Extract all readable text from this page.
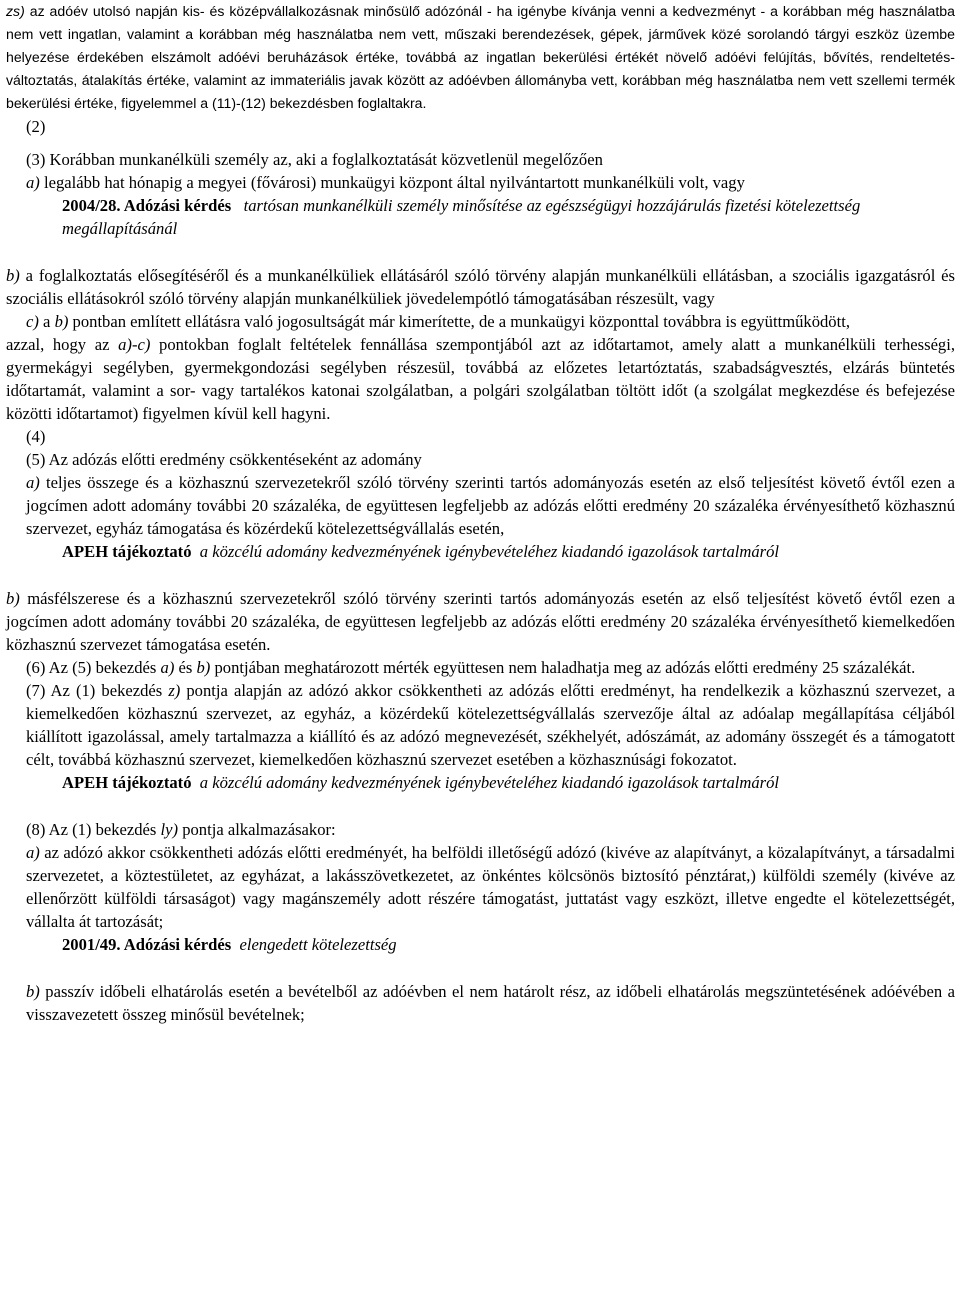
zs) az adóév utolsó napján kis- és középvállalkozásnak minősülő adózónál - ha igénybe kívánja venni a kedvezményt - a korábban még használatba nem vett ingatlan, valamint a korábban még használatba nem vett, műszaki berendezések, gépek, járművek közé sorolandó tárgyi eszköz üzembe helyezése érdekében elszámolt adóévi beruházások értéke, továbbá az ingatlan bekerülési értékét növelő adóévi felújítás, bővítés, rendeltetés-változtatás, átalakítás értéke, valamint az immateriális javak között az adóévben állományba vett, korábban még használatba nem vett szellemi termék bekerülési értéke, figyelemmel a (11)-(12) bekezdésben foglaltakra.

(2)

(3) Korábban munkanélküli személy az, aki a foglalkoztatását közvetlenül megelőzően

a) legalább hat hónapig a megyei (fővárosi) munkaügyi központ által nyilvántartott munkanélküli volt, vagy

2004/28. Adózási kérdés tartósan munkanélküli személy minősítése az egészségügyi hozzájárulás fizetési kötelezettség megállapításánál

b) a foglalkoztatás elősegítéséről és a munkanélküliek ellátásáról szóló törvény alapján munkanélküli ellátásban, a szociális igazgatásról és szociális ellátásokról szóló törvény alapján munkanélküliek jövedelempótló támogatásában részesült, vagy

c) a b) pontban említett ellátásra való jogosultságát már kimerítette, de a munkaügyi központtal továbbra is együttműködött,

azzal, hogy az a)-c) pontokban foglalt feltételek fennállása szempontjából azt az időtartamot, amely alatt a munkanélküli terhességi, gyermekágyi segélyben, gyermekgondozási segélyben részesül, továbbá az előzetes letartóztatás, szabadságvesztés, elzárás büntetés időtartamát, valamint a sor- vagy tartalékos katonai szolgálatban, a polgári szolgálatban töltött időt (a szolgálat megkezdése és befejezése közötti időtartamot) figyelmen kívül kell hagyni.

(4)

(5) Az adózás előtti eredmény csökkentéseként az adomány

a) teljes összege és a közhasznú szervezetekről szóló törvény szerinti tartós adományozás esetén az első teljesítést követő évtől ezen a jogcímen adott adomány további 20 százaléka, de együttesen legfeljebb az adózás előtti eredmény 20 százaléka érvényesíthető közhasznú szervezet, egyház támogatása és közérdekű kötelezettségvállalás esetén,

APEH tájékoztató a közcélú adomány kedvezményének igénybevételéhez kiadandó igazolások tartalmáról

b) másfélszerese és a közhasznú szervezetekről szóló törvény szerinti tartós adományozás esetén az első teljesítést követő évtől ezen a jogcímen adott adomány további 20 százaléka, de együttesen legfeljebb az adózás előtti eredmény 20 százaléka érvényesíthető kiemelkedően közhasznú szervezet támogatása esetén.

(6) Az (5) bekezdés a) és b) pontjában meghatározott mérték együttesen nem haladhatja meg az adózás előtti eredmény 25 százalékát.

(7) Az (1) bekezdés z) pontja alapján az adózó akkor csökkentheti az adózás előtti eredményt, ha rendelkezik a közhasznú szervezet, a kiemelkedően közhasznú szervezet, az egyház, a közérdekű kötelezettségvállalás szervezője által az adóalap megállapítása céljából kiállított igazolással, amely tartalmazza a kiállító és az adózó megnevezését, székhelyét, adószámát, az adomány összegét és a támogatott célt, továbbá közhasznú szervezet, kiemelkedően közhasznú szervezet esetében a közhasznúsági fokozatot.

APEH tájékoztató a közcélú adomány kedvezményének igénybevételéhez kiadandó igazolások tartalmáról

(8) Az (1) bekezdés ly) pontja alkalmazásakor:

a) az adózó akkor csökkentheti adózás előtti eredményét, ha belföldi illetőségű adózó (kivéve az alapítványt, a közalapítványt, a társadalmi szervezetet, a köztestületet, az egyházat, a lakásszövetkezetet, az önkéntes kölcsönös biztosító pénztárat,) külföldi személy (kivéve az ellenőrzött külföldi társaságot) vagy magánszemély adott részére támogatást, juttatást vagy eszközt, illetve engedte el kötelezettségét, vállalta át tartozását;

2001/49. Adózási kérdés elengedett kötelezettség

b) passzív időbeli elhatárolás esetén a bevételből az adóévben el nem határolt rész, az időbeli elhatárolás megszüntetésének adóévében a visszavezetett összeg minősül bevételnek;
